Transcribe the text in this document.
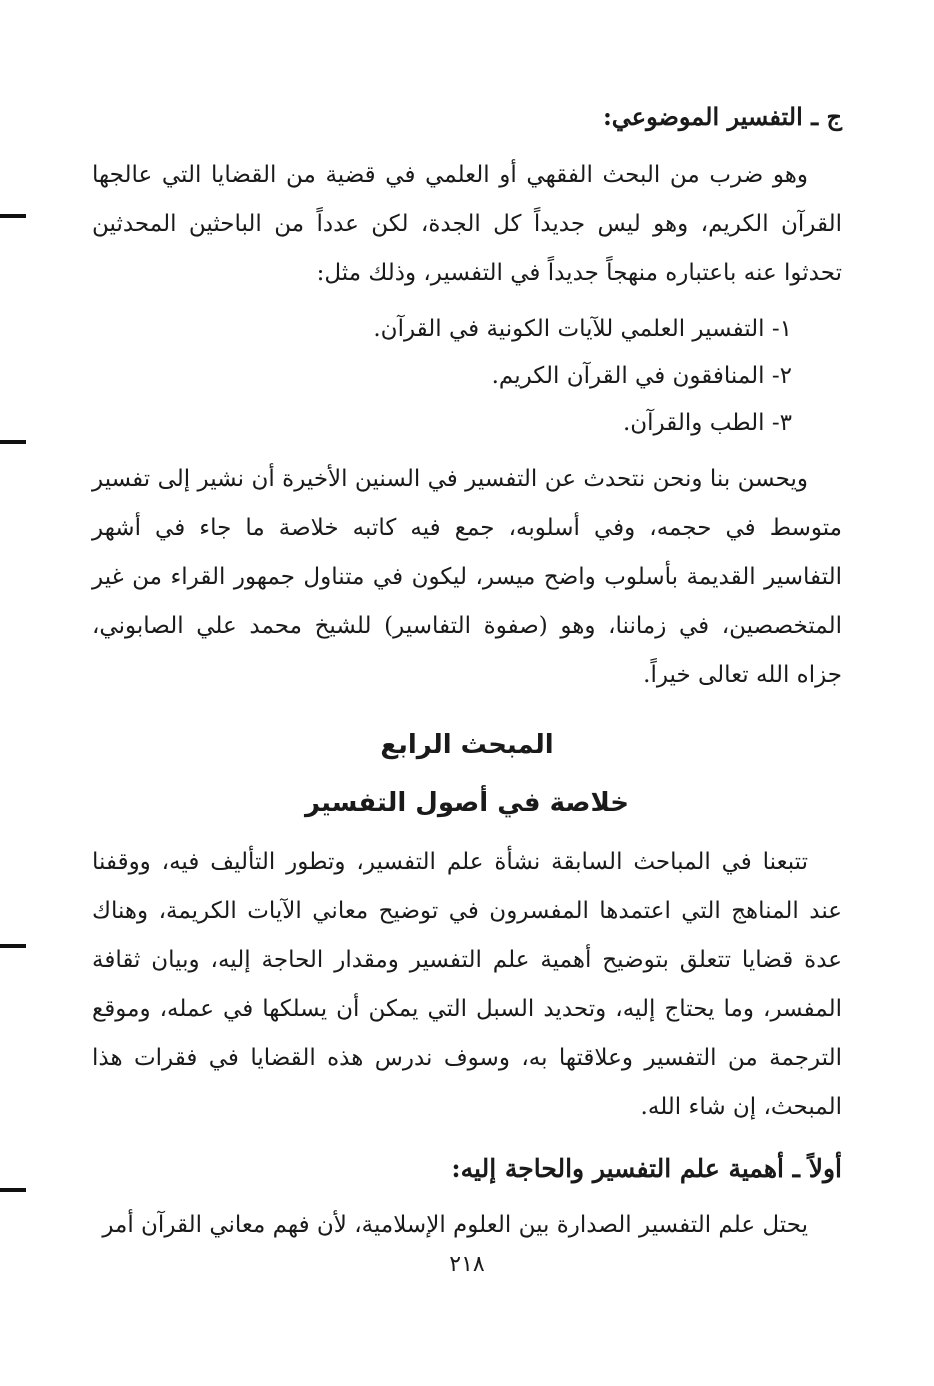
ج ـ التفسير الموضوعي:

وهو ضرب من البحث الفقهي أو العلمي في قضية من القضايا التي عالجها القرآن الكريم، وهو ليس جديداً كل الجدة، لكن عدداً من الباحثين المحدثين تحدثوا عنه باعتباره منهجاً جديداً في التفسير، وذلك مثل:

١- التفسير العلمي للآيات الكونية في القرآن.
٢- المنافقون في القرآن الكريم.
٣- الطب والقرآن.

ويحسن بنا ونحن نتحدث عن التفسير في السنين الأخيرة أن نشير إلى تفسير متوسط في حجمه، وفي أسلوبه، جمع فيه كاتبه خلاصة ما جاء في أشهر التفاسير القديمة بأسلوب واضح ميسر، ليكون في متناول جمهور القراء من غير المتخصصين، في زماننا، وهو (صفوة التفاسير) للشيخ محمد علي الصابوني، جزاه الله تعالى خيراً.

المبحث الرابع
خلاصة في أصول التفسير

تتبعنا في المباحث السابقة نشأة علم التفسير، وتطور التأليف فيه، ووقفنا عند المناهج التي اعتمدها المفسرون في توضيح معاني الآيات الكريمة، وهناك عدة قضايا تتعلق بتوضيح أهمية علم التفسير ومقدار الحاجة إليه، وبيان ثقافة المفسر، وما يحتاج إليه، وتحديد السبل التي يمكن أن يسلكها في عمله، وموقع الترجمة من التفسير وعلاقتها به، وسوف ندرس هذه القضايا في فقرات هذا المبحث، إن شاء الله.

أولاً ـ أهمية علم التفسير والحاجة إليه:

يحتل علم التفسير الصدارة بين العلوم الإسلامية، لأن فهم معاني القرآن أمر

٢١٨
